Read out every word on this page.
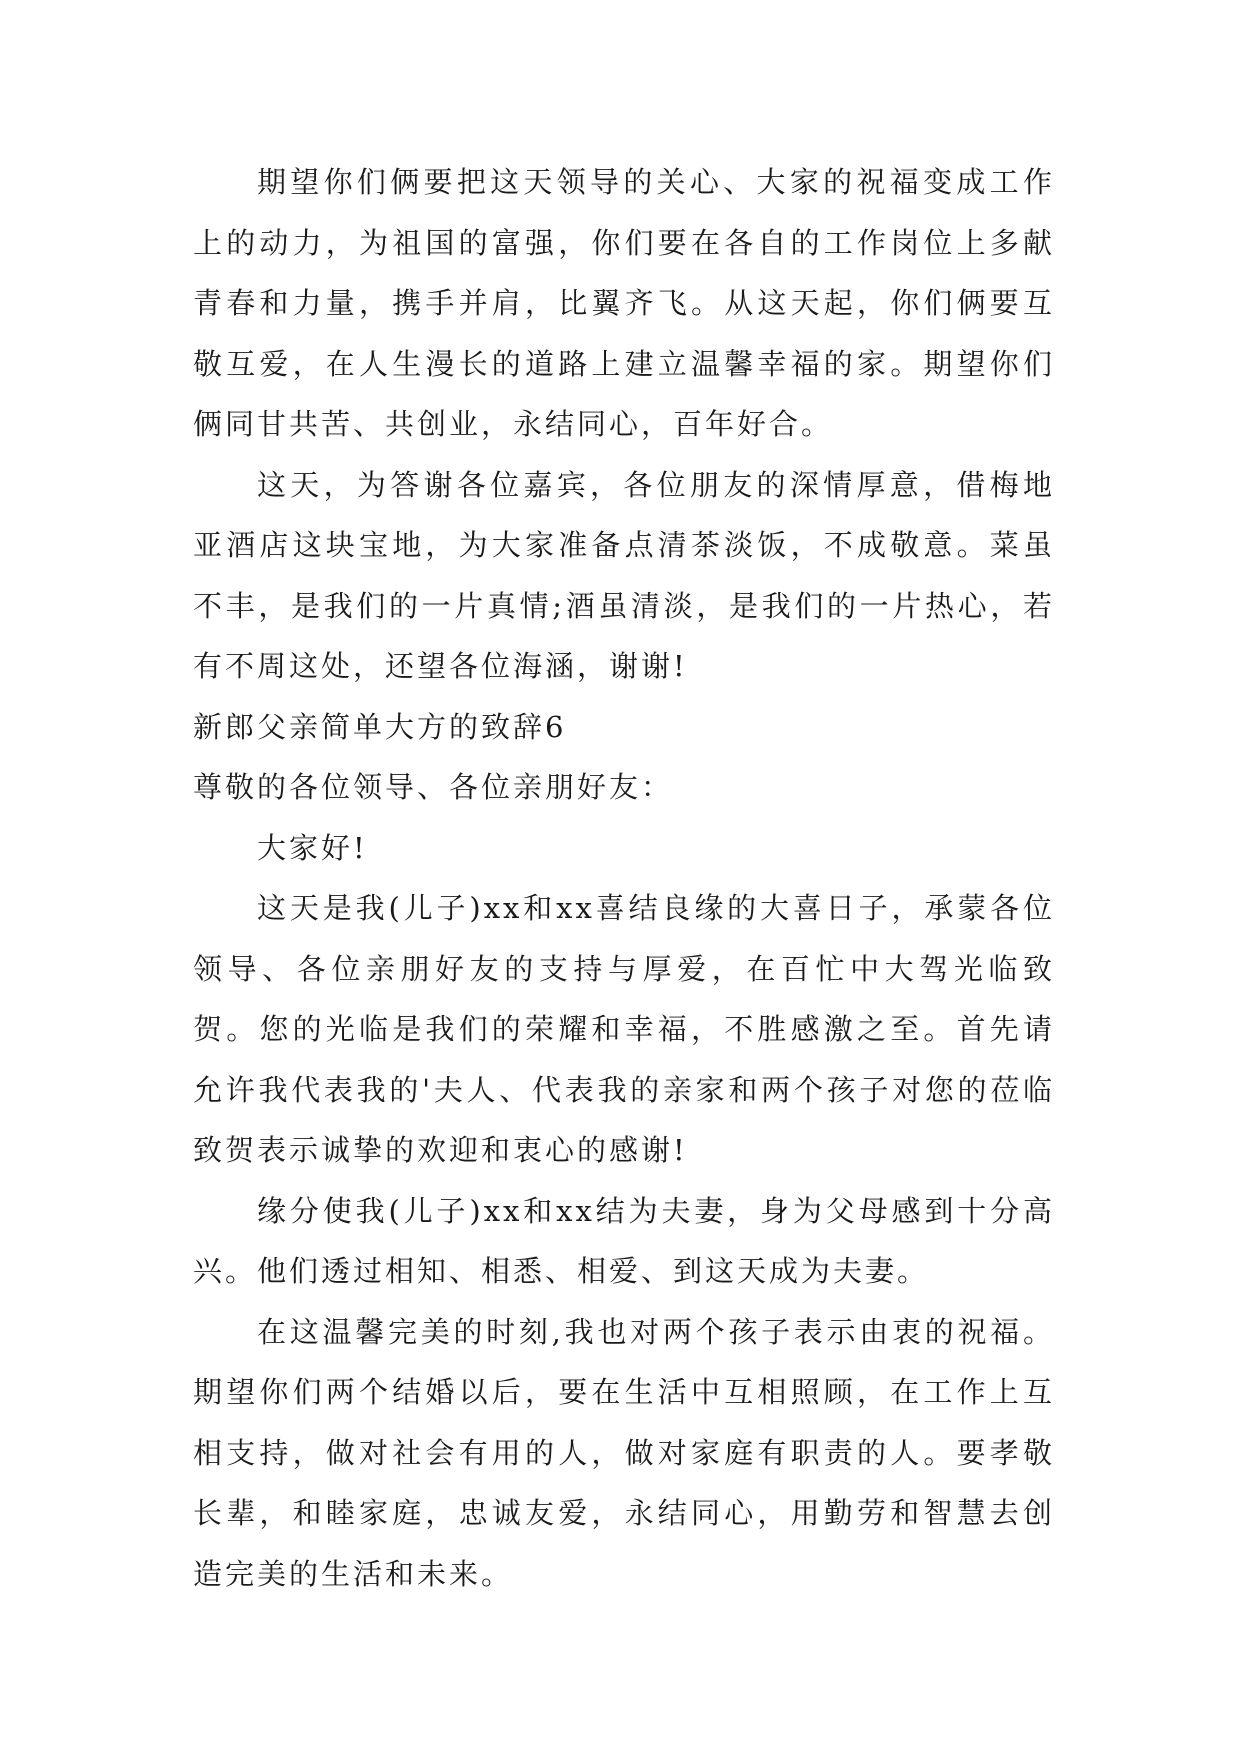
期望你们俩要把这天领导的关心、大家的祝福变成工作上的动力，为祖国的富强，你们要在各自的工作岗位上多献青春和力量，携手并肩，比翼齐飞。从这天起，你们俩要互敬互爱，在人生漫长的道路上建立温馨幸福的家。期望你们俩同甘共苦、共创业，永结同心，百年好合。

这天，为答谢各位嘉宾，各位朋友的深情厚意，借梅地亚酒店这块宝地，为大家准备点清茶淡饭，不成敬意。菜虽不丰，是我们的一片真情;酒虽清淡，是我们的一片热心，若有不周这处，还望各位海涵，谢谢!

新郎父亲简单大方的致辞6

尊敬的各位领导、各位亲朋好友：

大家好!

这天是我(儿子)xx和xx喜结良缘的大喜日子，承蒙各位领导、各位亲朋好友的支持与厚爱，在百忙中大驾光临致贺。您的光临是我们的荣耀和幸福，不胜感激之至。首先请允许我代表我的'夫人、代表我的亲家和两个孩子对您的莅临致贺表示诚挚的欢迎和衷心的感谢!

缘分使我(儿子)xx和xx结为夫妻，身为父母感到十分高兴。他们透过相知、相悉、相爱、到这天成为夫妻。

在这温馨完美的时刻,我也对两个孩子表示由衷的祝福。期望你们两个结婚以后，要在生活中互相照顾，在工作上互相支持，做对社会有用的人，做对家庭有职责的人。要孝敬长辈，和睦家庭，忠诚友爱，永结同心，用勤劳和智慧去创造完美的生活和未来。
